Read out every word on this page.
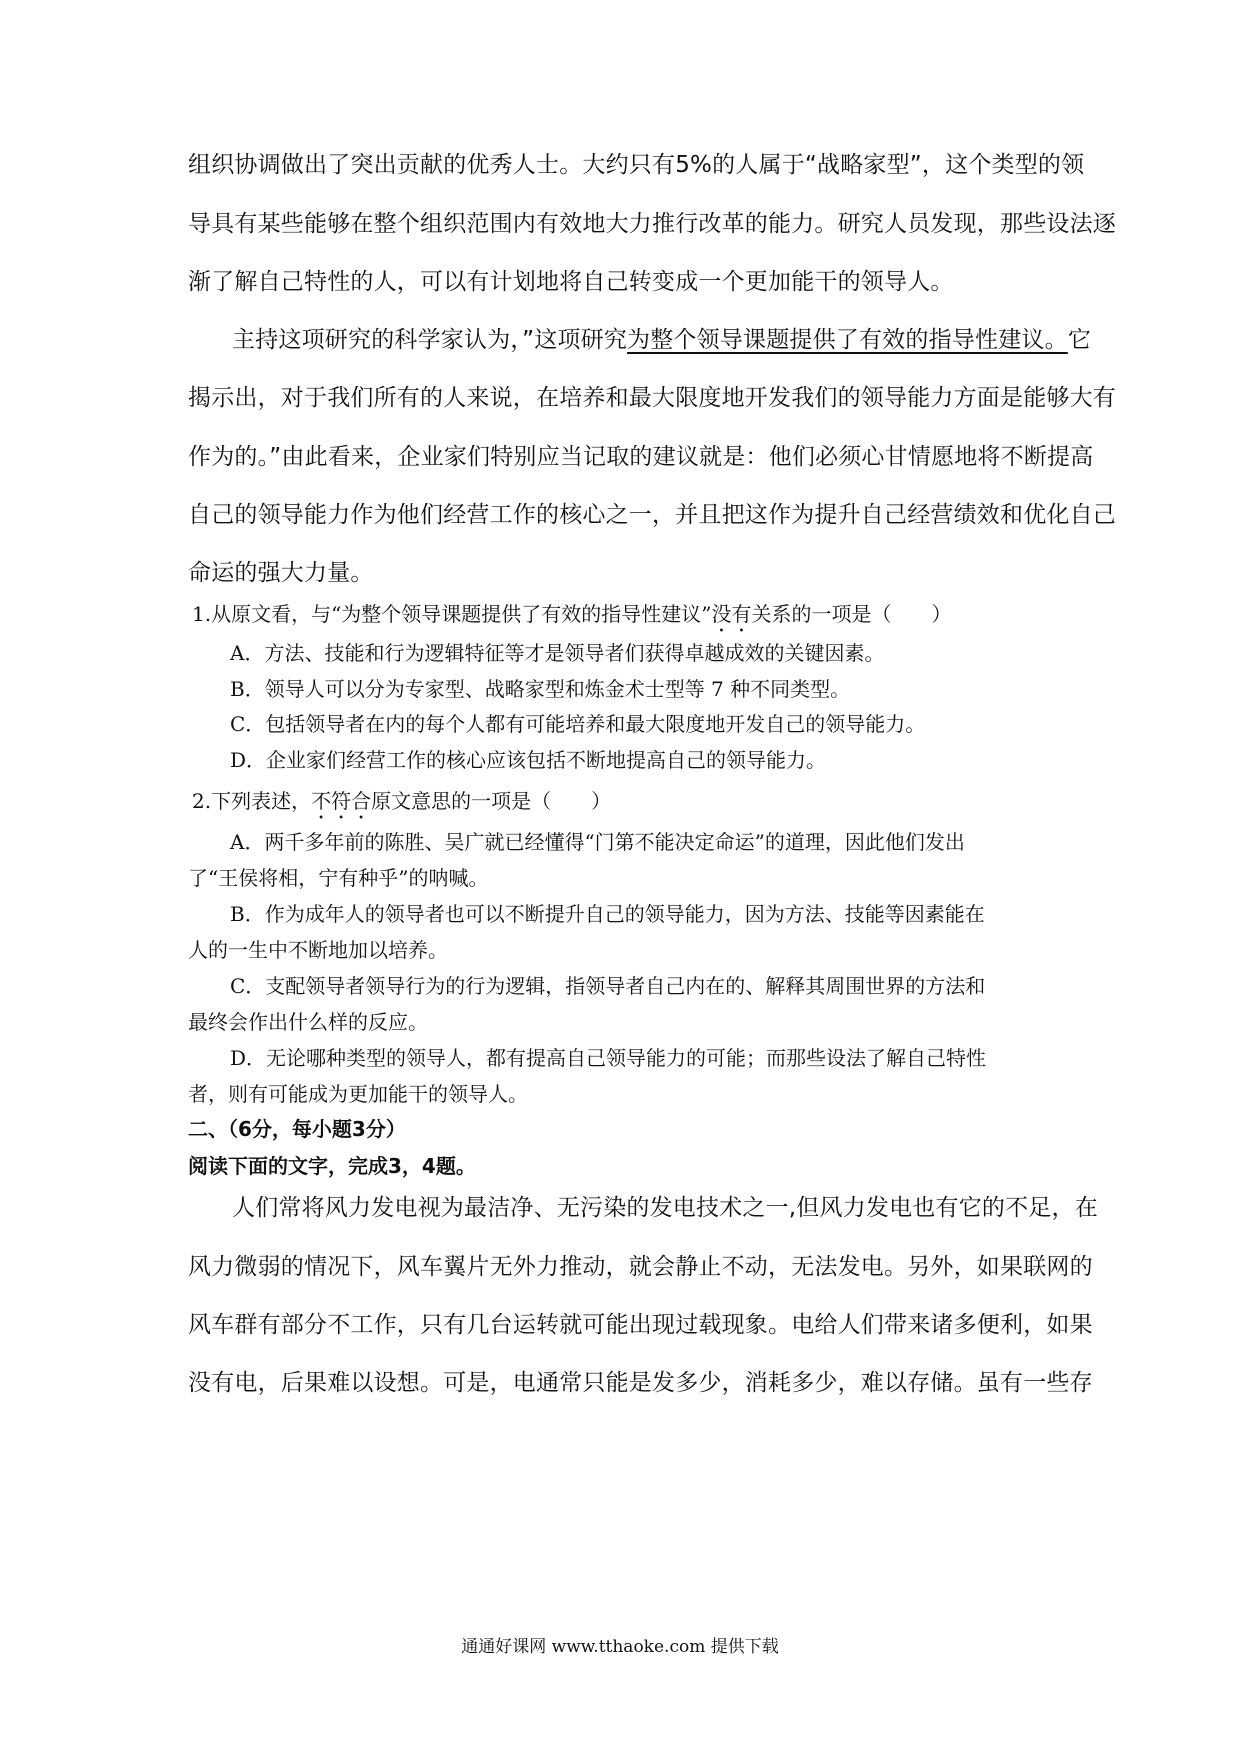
组织协调做出了突出贡献的优秀人士。大约只有5%的人属于“战略家型”，这个类型的领
导具有某些能够在整个组织范围内有效地大力推行改革的能力。研究人员发现，那些设法逐
渐了解自己特性的人，可以有计划地将自己转变成一个更加能干的领导人。
主持这项研究的科学家认为，”这项研究为整个领导课题提供了有效的指导性建议。它
揭示出，对于我们所有的人来说，在培养和最大限度地开发我们的领导能力方面是能够大有
作为的。”由此看来，企业家们特别应当记取的建议就是：他们必须心甘情愿地将不断提高
自己的领导能力作为他们经营工作的核心之一，并且把这作为提升自己经营绩效和优化自己
命运的强大力量。
1.从原文看，与“为整个领导课题提供了有效的指导性建议”没有关系的一项是（　　）
A．方法、技能和行为逻辑特征等才是领导者们获得卓越成效的关键因素。
B．领导人可以分为专家型、战略家型和炼金术士型等 7 种不同类型。
C．包括领导者在内的每个人都有可能培养和最大限度地开发自己的领导能力。
D．企业家们经营工作的核心应该包括不断地提高自己的领导能力。
2.下列表述，不符合原文意思的一项是（　　）
A．两千多年前的陈胜、吴广就已经懂得“门第不能决定命运”的道理，因此他们发出
了“王侯将相，宁有种乎”的呐喊。
B．作为成年人的领导者也可以不断提升自己的领导能力，因为方法、技能等因素能在
人的一生中不断地加以培养。
C．支配领导者领导行为的行为逻辑，指领导者自己内在的、解释其周围世界的方法和
最终会作出什么样的反应。
D．无论哪种类型的领导人，都有提高自己领导能力的可能；而那些设法了解自己特性
者，则有可能成为更加能干的领导人。
二、（6分，每小题3分）
阅读下面的文字，完成3，4题。
人们常将风力发电视为最洁净、无污染的发电技术之一,但风力发电也有它的不足，在
风力微弱的情况下，风车翼片无外力推动，就会静止不动，无法发电。另外，如果联网的
风车群有部分不工作，只有几台运转就可能出现过载现象。电给人们带来诸多便利，如果
没有电，后果难以设想。可是，电通常只能是发多少，消耗多少，难以存储。虽有一些存
通通好课网 www.tthaoke.com 提供下载
